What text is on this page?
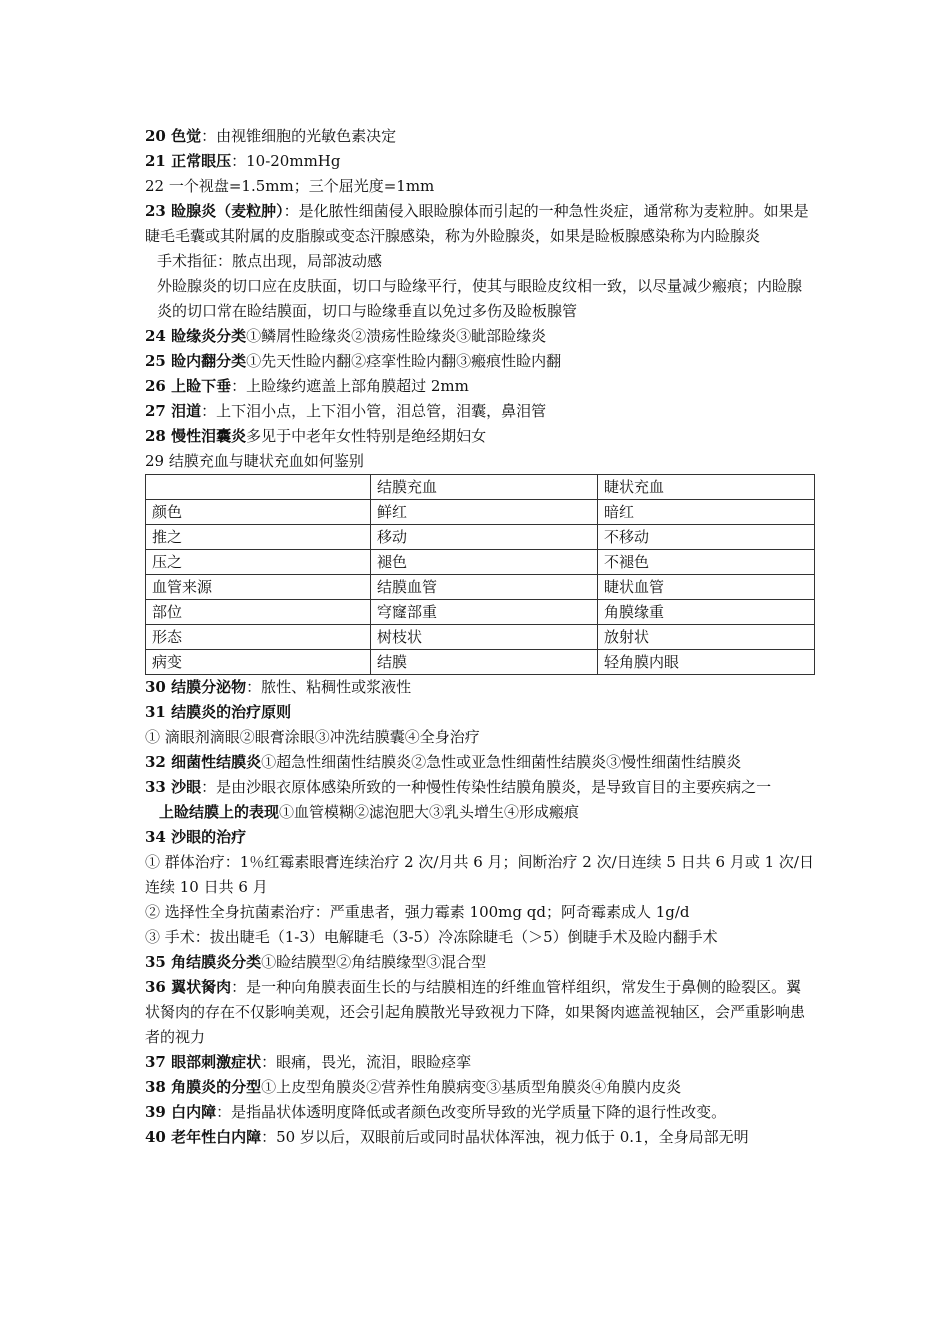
20 色觉：由视锥细胞的光敏色素决定

21 正常眼压：10-20mmHg

22 一个视盘=1.5mm；三个屈光度=1mm

23 睑腺炎（麦粒肿）：是化脓性细菌侵入眼睑腺体而引起的一种急性炎症，通常称为麦粒肿。如果是睫毛毛囊或其附属的皮脂腺或变态汗腺感染，称为外睑腺炎，如果是睑板腺感染称为内睑腺炎

手术指征：脓点出现，局部波动感

外睑腺炎的切口应在皮肤面，切口与睑缘平行，使其与眼睑皮纹相一致，以尽量减少瘢痕；内睑腺炎的切口常在睑结膜面，切口与睑缘垂直以免过多伤及睑板腺管

24 睑缘炎分类①鳞屑性睑缘炎②溃疡性睑缘炎③眦部睑缘炎

25 睑内翻分类①先天性睑内翻②痉挛性睑内翻③瘢痕性睑内翻

26 上睑下垂：上睑缘约遮盖上部角膜超过 2mm

27 泪道：上下泪小点，上下泪小管，泪总管，泪囊，鼻泪管

28 慢性泪囊炎多见于中老年女性特别是绝经期妇女

29 结膜充血与睫状充血如何鉴别

	结膜充血	睫状充血
颜色	鲜红	暗红
推之	移动	不移动
压之	褪色	不褪色
血管来源	结膜血管	睫状血管
部位	穹窿部重	角膜缘重
形态	树枝状	放射状
病变	结膜	轻角膜内眼

30 结膜分泌物：脓性、粘稠性或浆液性

31 结膜炎的治疗原则

① 滴眼剂滴眼②眼膏涂眼③冲洗结膜囊④全身治疗

32 细菌性结膜炎①超急性细菌性结膜炎②急性或亚急性细菌性结膜炎③慢性细菌性结膜炎

33 沙眼：是由沙眼衣原体感染所致的一种慢性传染性结膜角膜炎，是导致盲目的主要疾病之一

上睑结膜上的表现①血管模糊②滤泡肥大③乳头增生④形成瘢痕

34 沙眼的治疗

① 群体治疗：1％红霉素眼膏连续治疗 2 次/月共 6 月；间断治疗 2 次/日连续 5 日共 6 月或 1 次/日连续 10 日共 6 月

② 选择性全身抗菌素治疗：严重患者，强力霉素 100mg qd；阿奇霉素成人 1g/d

③ 手术：拔出睫毛（1-3）电解睫毛（3-5）冷冻除睫毛（＞5）倒睫手术及睑内翻手术

35 角结膜炎分类①睑结膜型②角结膜缘型③混合型

36 翼状胬肉：是一种向角膜表面生长的与结膜相连的纤维血管样组织，常发生于鼻侧的睑裂区。翼状胬肉的存在不仅影响美观，还会引起角膜散光导致视力下降，如果胬肉遮盖视轴区，会严重影响患者的视力

37 眼部刺激症状：眼痛，畏光，流泪，眼睑痉挛

38 角膜炎的分型①上皮型角膜炎②营养性角膜病变③基质型角膜炎④角膜内皮炎

39 白内障：是指晶状体透明度降低或者颜色改变所导致的光学质量下降的退行性改变。

40 老年性白内障：50 岁以后，双眼前后或同时晶状体浑浊，视力低于 0.1，全身局部无明
